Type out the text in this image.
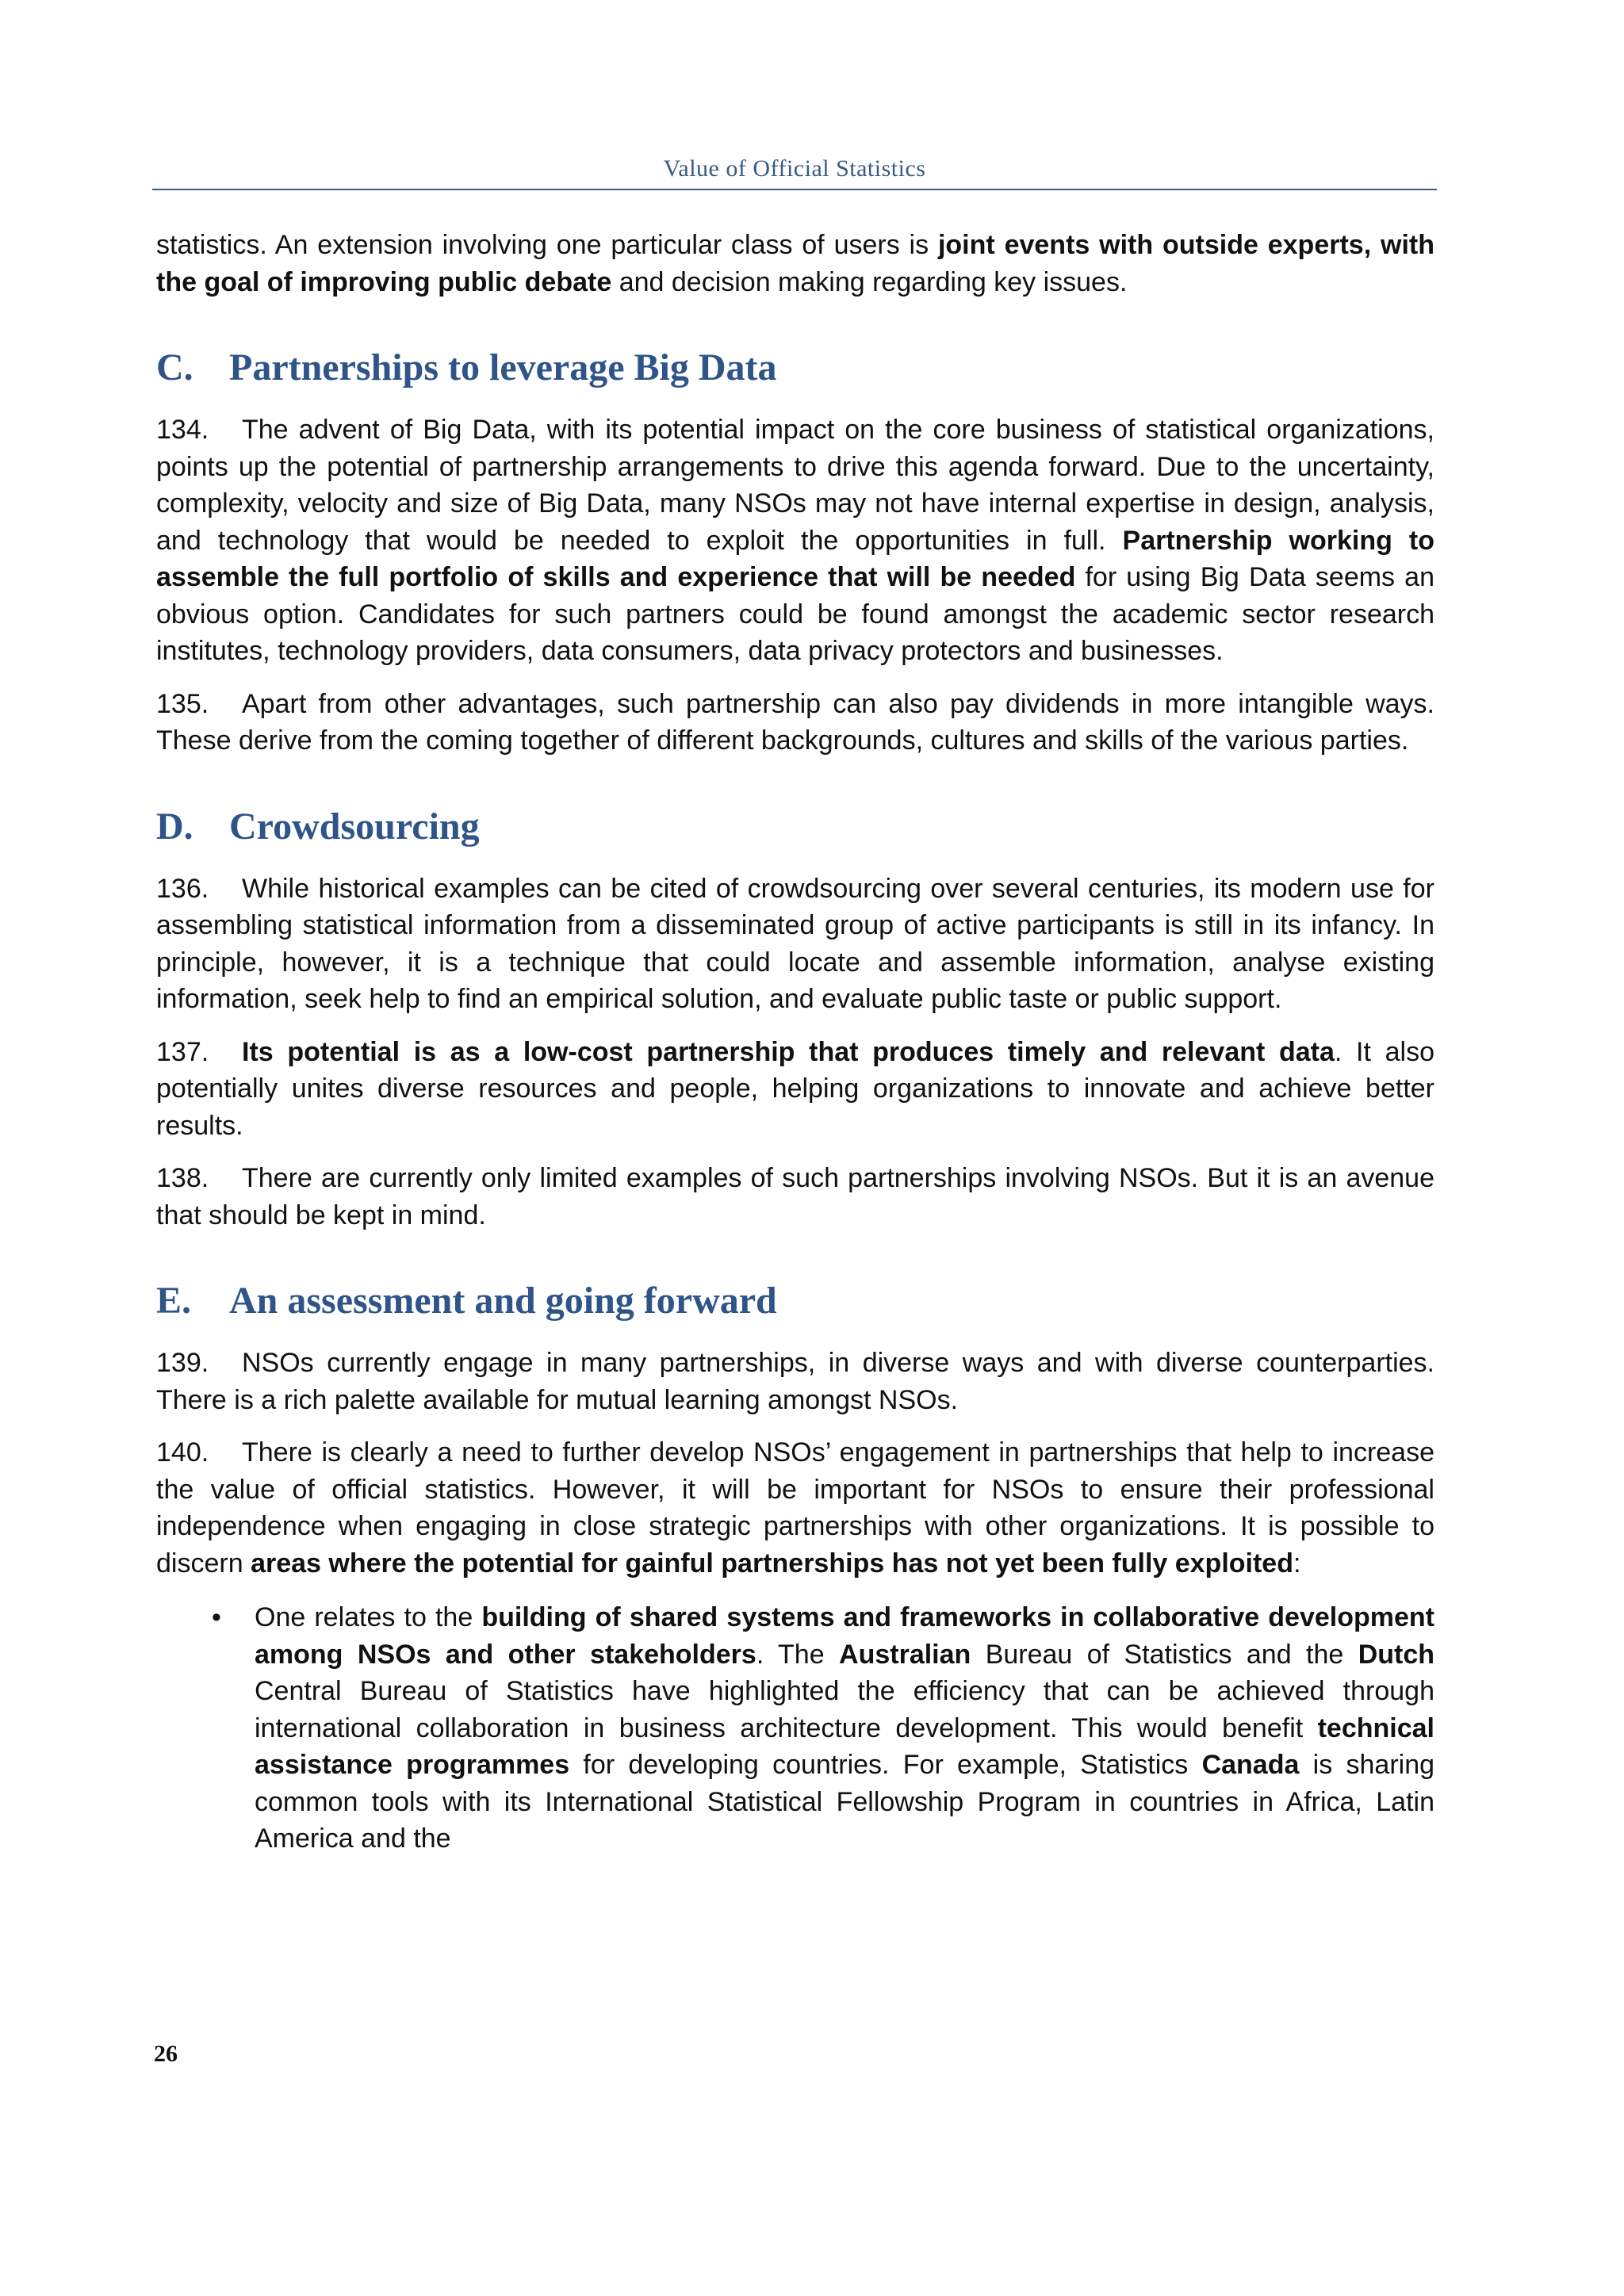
Value of Official Statistics

statistics. An extension involving one particular class of users is joint events with outside experts, with the goal of improving public debate and decision making regarding key issues.

C. Partnerships to leverage Big Data

134. The advent of Big Data, with its potential impact on the core business of statistical organizations, points up the potential of partnership arrangements to drive this agenda forward. Due to the uncertainty, complexity, velocity and size of Big Data, many NSOs may not have internal expertise in design, analysis, and technology that would be needed to exploit the opportunities in full. Partnership working to assemble the full portfolio of skills and experience that will be needed for using Big Data seems an obvious option. Candidates for such partners could be found amongst the academic sector research institutes, technology providers, data consumers, data privacy protectors and businesses.

135. Apart from other advantages, such partnership can also pay dividends in more intangible ways. These derive from the coming together of different backgrounds, cultures and skills of the various parties.

D. Crowdsourcing

136. While historical examples can be cited of crowdsourcing over several centuries, its modern use for assembling statistical information from a disseminated group of active participants is still in its infancy. In principle, however, it is a technique that could locate and assemble information, analyse existing information, seek help to find an empirical solution, and evaluate public taste or public support.

137. Its potential is as a low-cost partnership that produces timely and relevant data. It also potentially unites diverse resources and people, helping organizations to innovate and achieve better results.

138. There are currently only limited examples of such partnerships involving NSOs. But it is an avenue that should be kept in mind.

E. An assessment and going forward

139. NSOs currently engage in many partnerships, in diverse ways and with diverse counterparties. There is a rich palette available for mutual learning amongst NSOs.

140. There is clearly a need to further develop NSOs’ engagement in partnerships that help to increase the value of official statistics. However, it will be important for NSOs to ensure their professional independence when engaging in close strategic partnerships with other organizations. It is possible to discern areas where the potential for gainful partnerships has not yet been fully exploited:

• One relates to the building of shared systems and frameworks in collaborative development among NSOs and other stakeholders. The Australian Bureau of Statistics and the Dutch Central Bureau of Statistics have highlighted the efficiency that can be achieved through international collaboration in business architecture development. This would benefit technical assistance programmes for developing countries. For example, Statistics Canada is sharing common tools with its International Statistical Fellowship Program in countries in Africa, Latin America and the

26
